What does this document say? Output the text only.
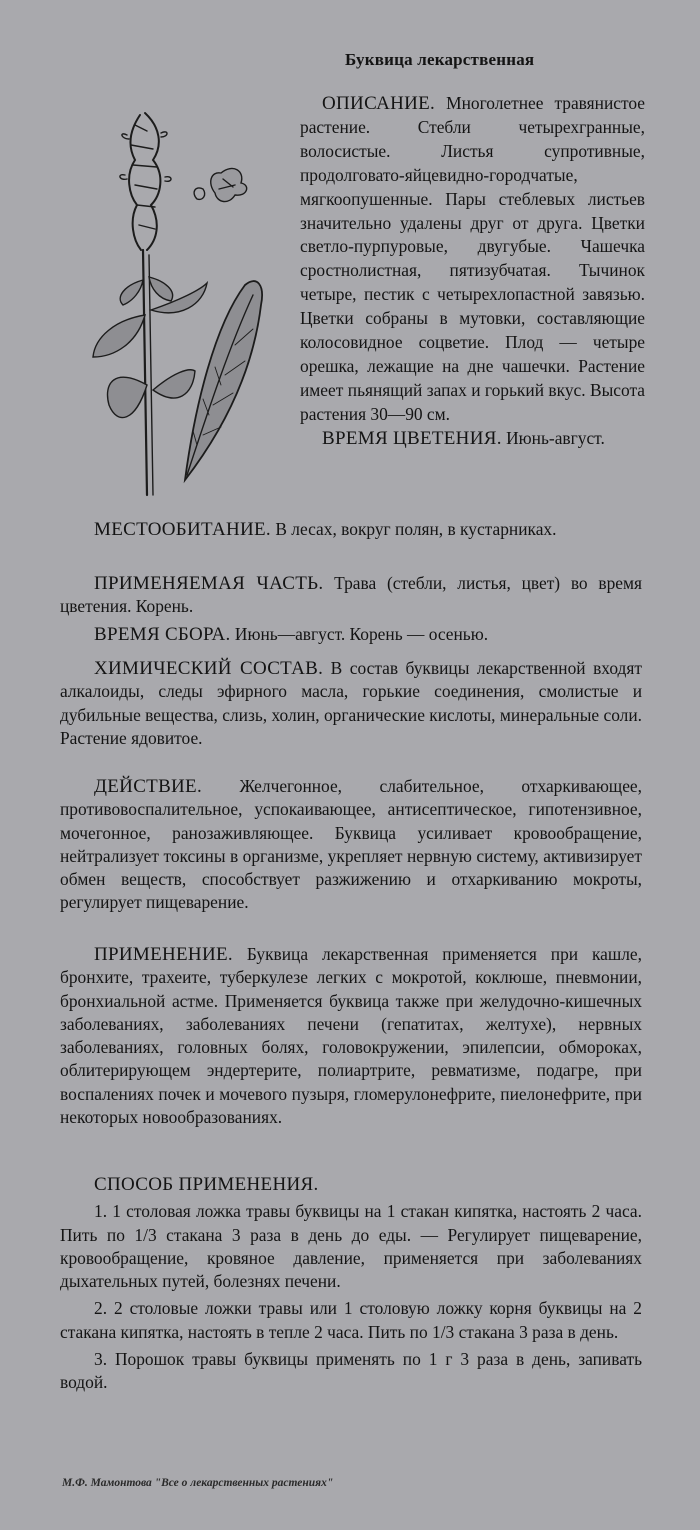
Буквица лекарственная

ОПИСАНИЕ. Многолетнее травянистое растение. Стебли четырехгранные, волосистые. Листья супротивные, продолговато-яйцевидно-городчатые, мягкоопушенные. Пары стеблевых листьев значительно удалены друг от друга. Цветки светло-пурпуровые, двугубые. Чашечка сростнолистная, пятизубчатая. Тычинок четыре, пестик с четырехлопастной завязью. Цветки собраны в мутовки, составляющие колосовидное соцветие. Плод — четыре орешка, лежащие на дне чашечки. Растение имеет пьянящий запах и горький вкус. Высота растения 30—90 см.

ВРЕМЯ ЦВЕТЕНИЯ. Июнь-август.

МЕСТООБИТАНИЕ. В лесах, вокруг полян, в кустарниках.

ПРИМЕНЯЕМАЯ ЧАСТЬ. Трава (стебли, листья, цвет) во время цветения. Корень.

ВРЕМЯ СБОРА. Июнь—август. Корень — осенью.

ХИМИЧЕСКИЙ СОСТАВ. В состав буквицы лекарственной входят алкалоиды, следы эфирного масла, горькие соединения, смолистые и дубильные вещества, слизь, холин, органические кислоты, минеральные соли. Растение ядовитое.

ДЕЙСТВИЕ. Желчегонное, слабительное, отхаркивающее, противовоспалительное, успокаивающее, антисептическое, гипотензивное, мочегонное, ранозаживляющее. Буквица усиливает кровообращение, нейтрализует токсины в организме, укрепляет нервную систему, активизирует обмен веществ, способствует разжижению и отхаркиванию мокроты, регулирует пищеварение.

ПРИМЕНЕНИЕ. Буквица лекарственная применяется при кашле, бронхите, трахеите, туберкулезе легких с мокротой, коклюше, пневмонии, бронхиальной астме. Применяется буквица также при желудочно-кишечных заболеваниях, заболеваниях печени (гепатитах, желтухе), нервных заболеваниях, головных болях, головокружении, эпилепсии, обмороках, облитерирующем эндертерите, полиартрите, ревматизме, подагре, при воспалениях почек и мочевого пузыря, гломерулонефрите, пиелонефрите, при некоторых новообразованиях.

СПОСОБ ПРИМЕНЕНИЯ.

1. 1 столовая ложка травы буквицы на 1 стакан кипятка, настоять 2 часа. Пить по 1/3 стакана 3 раза в день до еды. — Регулирует пищеварение, кровообращение, кровяное давление, применяется при заболеваниях дыхательных путей, болезнях печени.

2. 2 столовые ложки травы или 1 столовую ложку корня буквицы на 2 стакана кипятка, настоять в тепле 2 часа. Пить по 1/3 стакана 3 раза в день.

3. Порошок травы буквицы применять по 1 г 3 раза в день, запивать водой.

М.Ф. Мамонтова "Все о лекарственных растениях"
